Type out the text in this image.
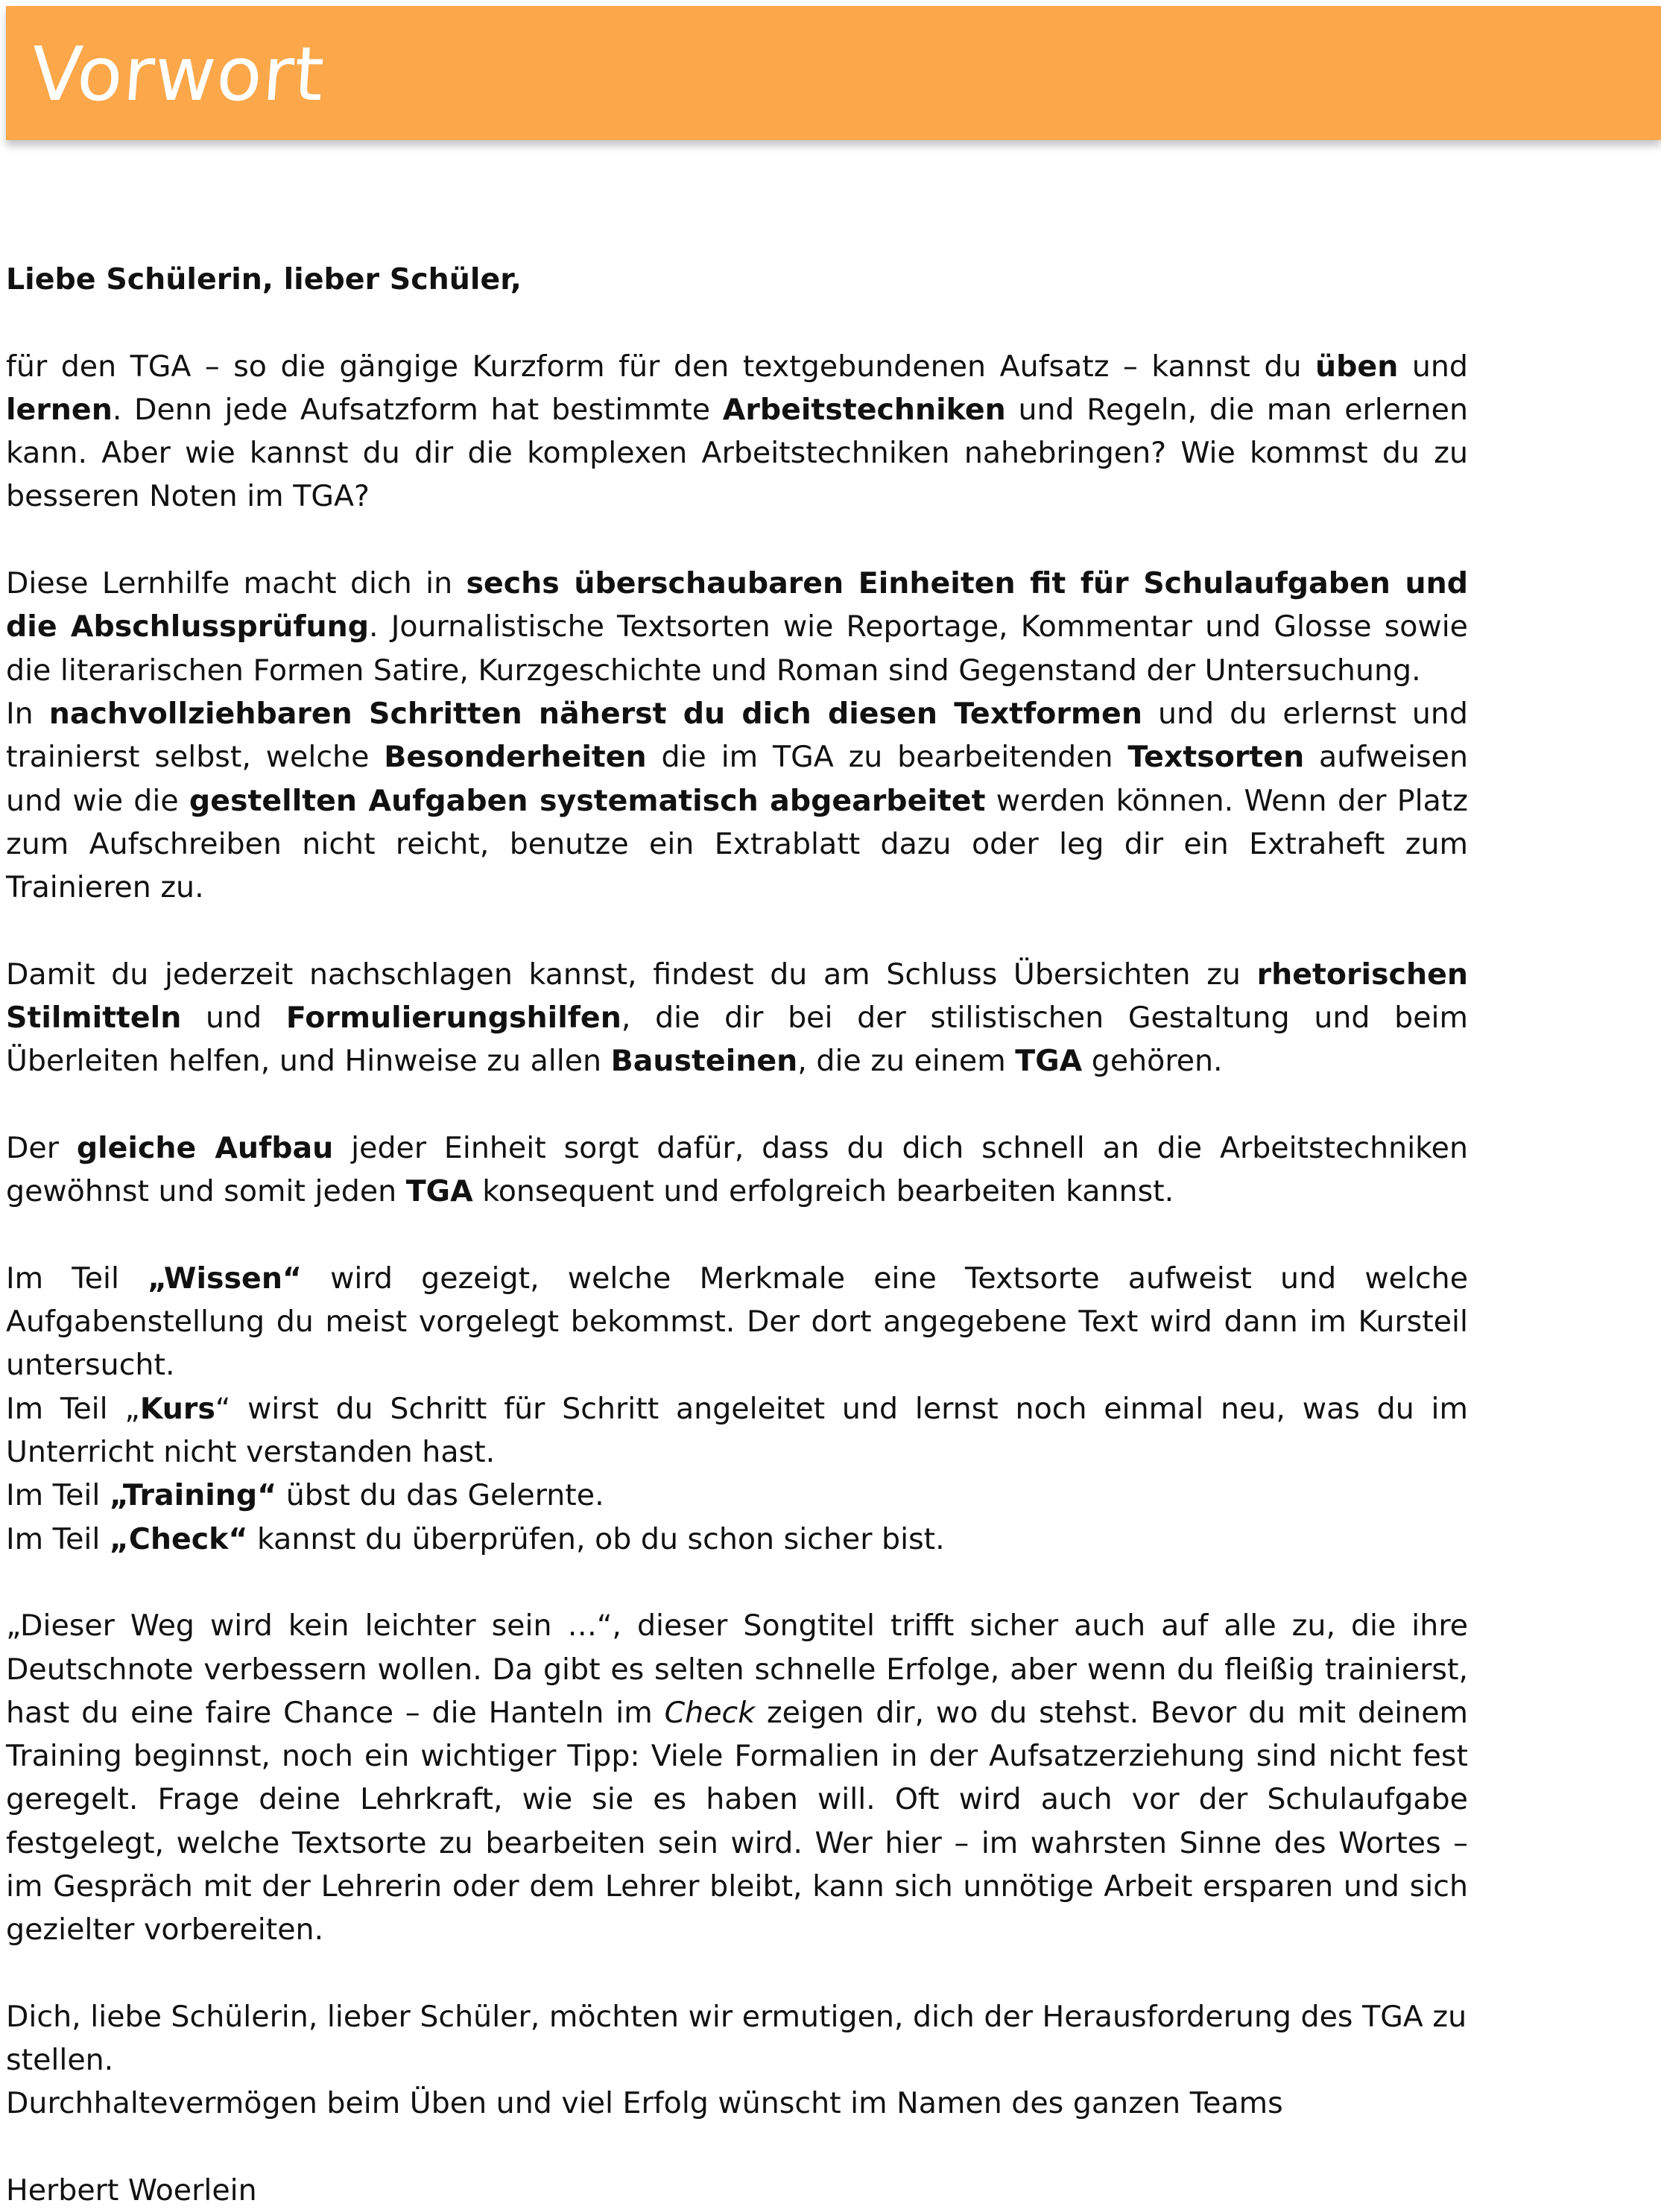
Vorwort

Liebe Schülerin, lieber Schüler,

für den TGA – so die gängige Kurzform für den textgebundenen Aufsatz – kannst du üben und lernen. Denn jede Aufsatzform hat bestimmte Arbeitstechniken und Regeln, die man erlernen kann. Aber wie kannst du dir die komplexen Arbeitstechniken nahebringen? Wie kommst du zu besseren Noten im TGA?

Diese Lernhilfe macht dich in sechs überschaubaren Einheiten fit für Schulaufgaben und die Abschlussprüfung. Journalistische Textsorten wie Reportage, Kommentar und Glosse sowie die literarischen Formen Satire, Kurzgeschichte und Roman sind Gegenstand der Untersuchung.

In nachvollziehbaren Schritten näherst du dich diesen Textformen und du erlernst und trainierst selbst, welche Besonderheiten die im TGA zu bearbeitenden Textsorten aufweisen und wie die gestellten Aufgaben systematisch abgearbeitet werden können. Wenn der Platz zum Aufschreiben nicht reicht, benutze ein Extrablatt dazu oder leg dir ein Extraheft zum Trainieren zu.

Damit du jederzeit nachschlagen kannst, findest du am Schluss Übersichten zu rhetorischen Stilmitteln und Formulierungshilfen, die dir bei der stilistischen Gestaltung und beim Überleiten helfen, und Hinweise zu allen Bausteinen, die zu einem TGA gehören.

Der gleiche Aufbau jeder Einheit sorgt dafür, dass du dich schnell an die Arbeitstechniken gewöhnst und somit jeden TGA konsequent und erfolgreich bearbeiten kannst.

Im Teil „Wissen“ wird gezeigt, welche Merkmale eine Textsorte aufweist und welche Aufgabenstellung du meist vorgelegt bekommst. Der dort angegebene Text wird dann im Kursteil untersucht.

Im Teil „Kurs“ wirst du Schritt für Schritt angeleitet und lernst noch einmal neu, was du im Unterricht nicht verstanden hast.

Im Teil „Training“ übst du das Gelernte.

Im Teil „Check“ kannst du überprüfen, ob du schon sicher bist.

„Dieser Weg wird kein leichter sein …“, dieser Songtitel trifft sicher auch auf alle zu, die ihre Deutschnote verbessern wollen. Da gibt es selten schnelle Erfolge, aber wenn du fleißig trainierst, hast du eine faire Chance – die Hanteln im Check zeigen dir, wo du stehst. Bevor du mit deinem Training beginnst, noch ein wichtiger Tipp: Viele Formalien in der Aufsatzerziehung sind nicht fest geregelt. Frage deine Lehrkraft, wie sie es haben will. Oft wird auch vor der Schulaufgabe festgelegt, welche Textsorte zu bearbeiten sein wird. Wer hier – im wahrsten Sinne des Wortes – im Gespräch mit der Lehrerin oder dem Lehrer bleibt, kann sich unnötige Arbeit ersparen und sich gezielter vorbereiten.

Dich, liebe Schülerin, lieber Schüler, möchten wir ermutigen, dich der Herausforderung des TGA zu stellen.

Durchhaltevermögen beim Üben und viel Erfolg wünscht im Namen des ganzen Teams

Herbert Woerlein
